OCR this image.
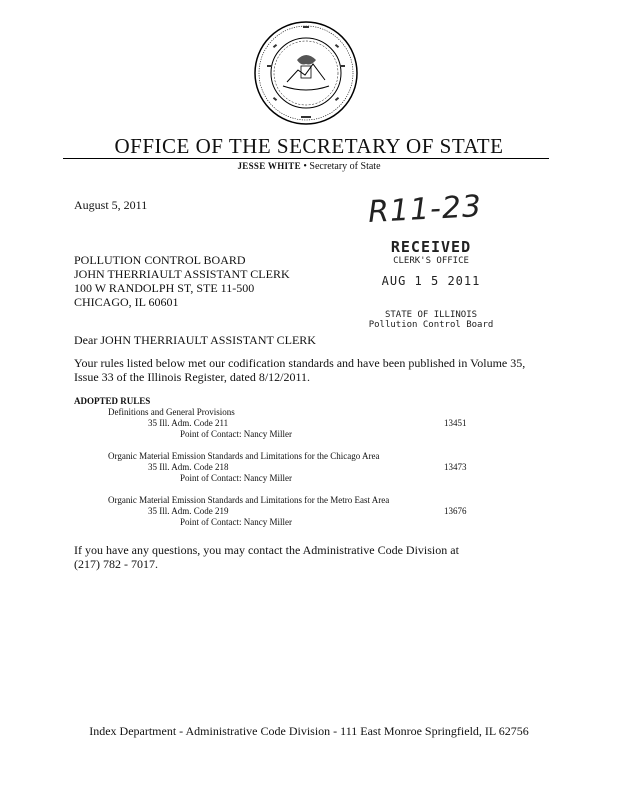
OFFICE OF THE SECRETARY OF STATE
JESSE WHITE • Secretary of State
August 5, 2011	R11-23
POLLUTION CONTROL BOARD
JOHN THERRIAULT ASSISTANT CLERK
100 W RANDOLPH ST, STE 11-500
CHICAGO, IL 60601
RECEIVED
CLERK'S OFFICE
AUG 1 5 2011
STATE OF ILLINOIS
Pollution Control Board
Dear JOHN THERRIAULT ASSISTANT CLERK
Your rules listed below met our codification standards and have been published in Volume 35, Issue 33 of the Illinois Register, dated 8/12/2011.
ADOPTED RULES
Definitions and General Provisions
35 Ill. Adm. Code 211	13451
Point of Contact: Nancy Miller
Organic Material Emission Standards and Limitations for the Chicago Area
35 Ill. Adm. Code 218	13473
Point of Contact: Nancy Miller
Organic Material Emission Standards and Limitations for the Metro East Area
35 Ill. Adm. Code 219	13676
Point of Contact: Nancy Miller
If you have any questions, you may contact the Administrative Code Division at
(217) 782 - 7017.
Index Department - Administrative Code Division - 111 East Monroe Springfield, IL 62756
